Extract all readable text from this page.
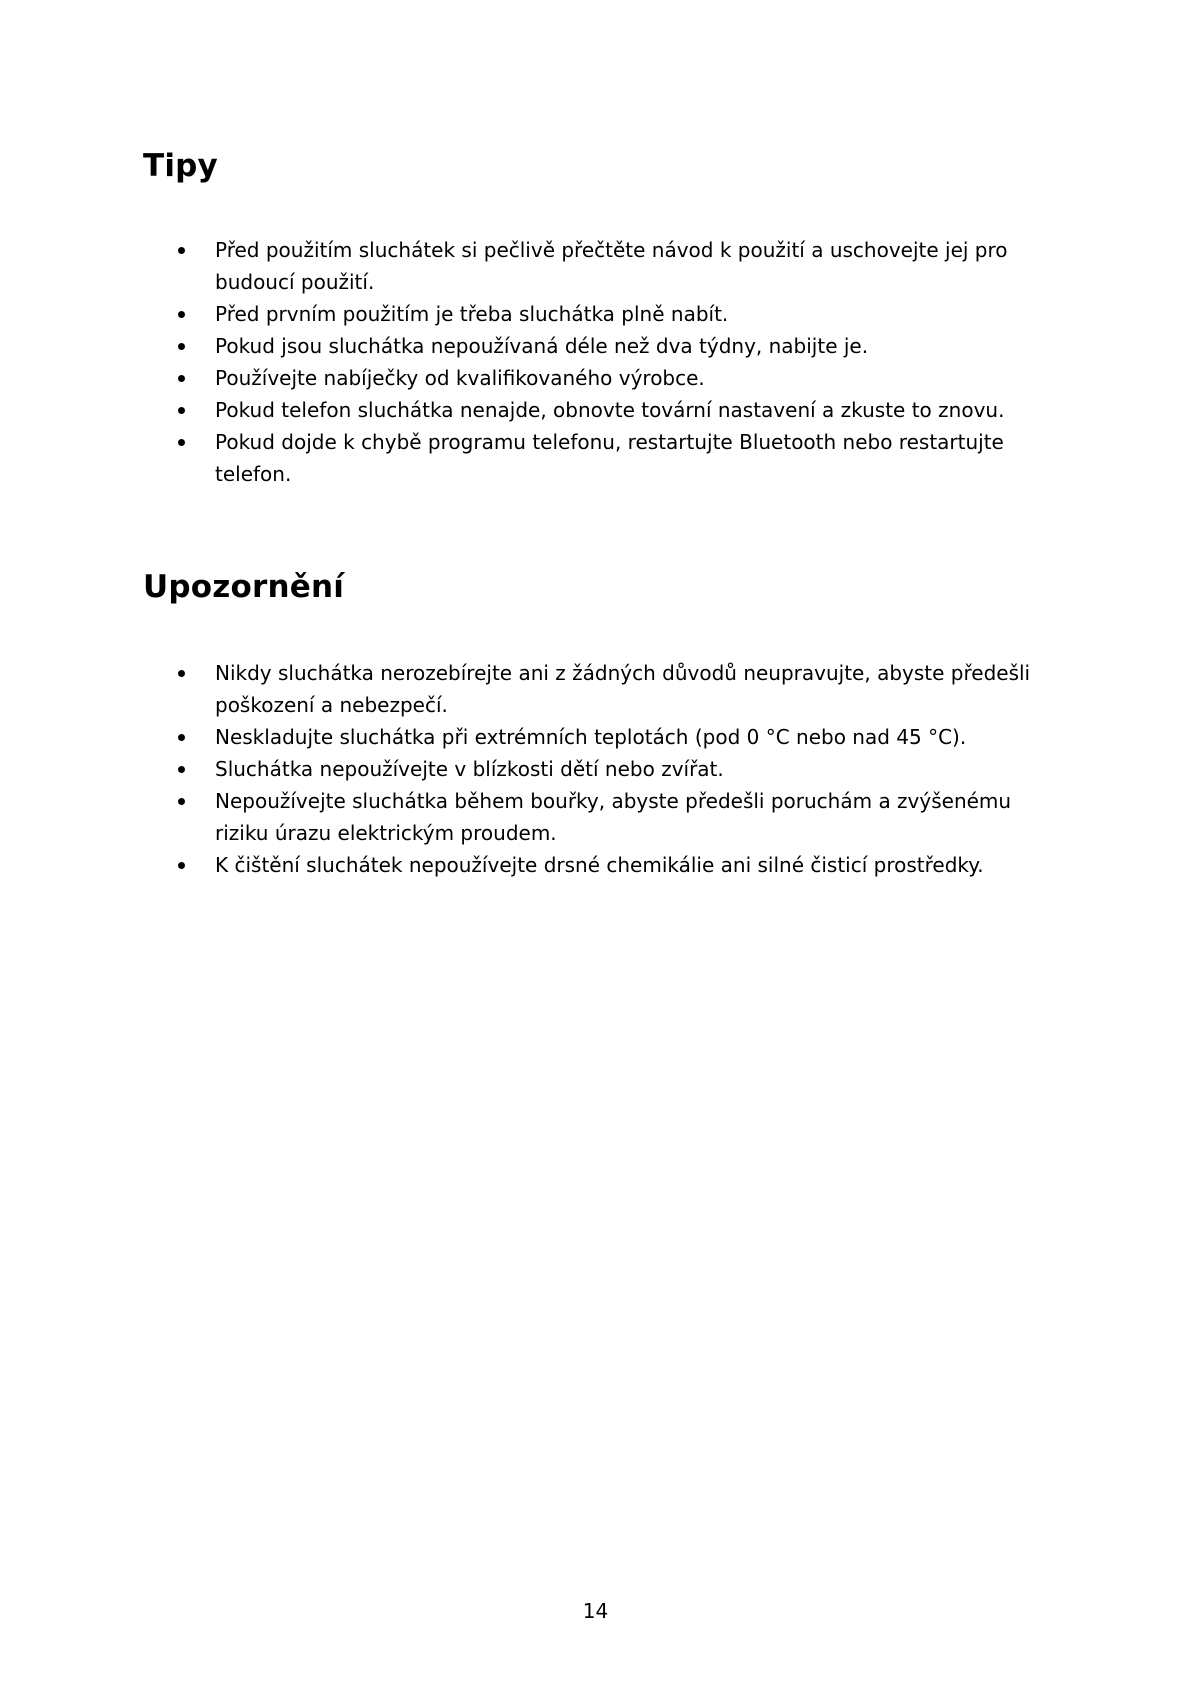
Tipy
Před použitím sluchátek si pečlivě přečtěte návod k použití a uschovejte jej pro budoucí použití.
Před prvním použitím je třeba sluchátka plně nabít.
Pokud jsou sluchátka nepoužívaná déle než dva týdny, nabijte je.
Používejte nabíječky od kvalifikovaného výrobce.
Pokud telefon sluchátka nenajde, obnovte tovární nastavení a zkuste to znovu.
Pokud dojde k chybě programu telefonu, restartujte Bluetooth nebo restartujte telefon.
Upozornění
Nikdy sluchátka nerozebírejte ani z žádných důvodů neupravujte, abyste předešli poškození a nebezpečí.
Neskladujte sluchátka při extrémních teplotách (pod 0 °C nebo nad 45 °C).
Sluchátka nepoužívejte v blízkosti dětí nebo zvířat.
Nepoužívejte sluchátka během bouřky, abyste předešli poruchám a zvýšenému riziku úrazu elektrickým proudem.
K čištění sluchátek nepoužívejte drsné chemikálie ani silné čisticí prostředky.
14
